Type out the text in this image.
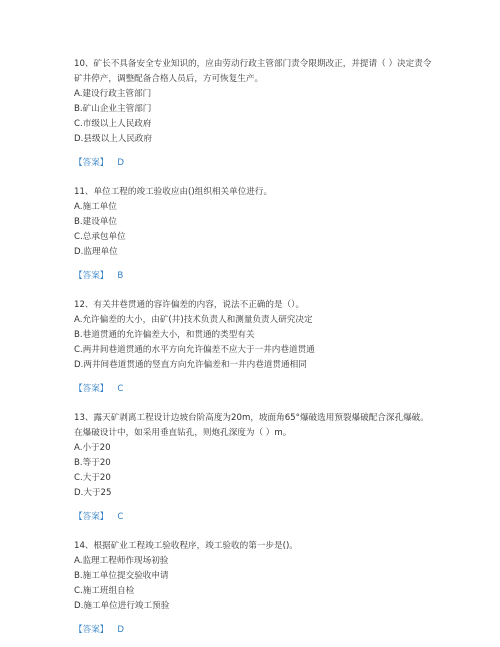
10、矿长不具备安全专业知识的，应由劳动行政主管部门责令限期改正，并提请（ ）决定责令矿井停产，调整配备合格人员后，方可恢复生产。

A.建设行政主管部门

B.矿山企业主管部门

C.市级以上人民政府

D.县级以上人民政府

【答案】 D

11、单位工程的竣工验收应由()组织相关单位进行。

A.施工单位

B.建设单位

C.总承包单位

D.监理单位

【答案】 B

12、有关井巷贯通的容许偏差的内容，说法不正确的是（）。

A.允许偏差的大小，由矿(井)技术负责人和测量负责人研究决定

B.巷道贯通的允许偏差大小，和贯通的类型有关

C.两井间巷道贯通的水平方向允许偏差不应大于一井内巷道贯通

D.两井间巷道贯通的竖直方向允许偏差和一井内巷道贯通相同

【答案】 C

13、露天矿剥离工程设计边坡台阶高度为20m，坡面角65°爆破选用预裂爆破配合深孔爆破。在爆破设计中，如采用垂直钻孔，则炮孔深度为（ ）m。

A.小于20

B.等于20

C.大于20

D.大于25

【答案】 C

14、根据矿业工程竣工验收程序，竣工验收的第一步是()。

A.监理工程师作现场初验

B.施工单位提交验收申请

C.施工班组自检

D.施工单位进行竣工预验

【答案】 D
